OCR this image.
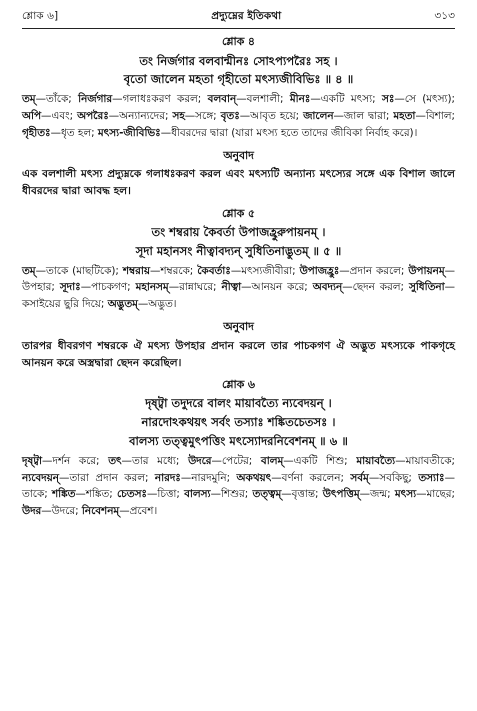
শ্লোক ৬]	প্রদ্যুম্নের ইতিকথা	৩১৩
শ্লোক ৪
তং নির্জগার বলবান্মীনঃ সোঽপ্যপরৈঃ সহ ।
বৃতো জালেন মহতা গৃহীতো মৎস্যজীবিভিঃ ॥ ৪ ॥

তম্—তাঁকে; নির্জগার—গলাধঃকরণ করল; বলবান্—বলশালী; মীনঃ—একটি মৎস্য; সঃ—সে (মৎস্য); অপি—এবং; অপরৈঃ—অন্যান্যদের; সহ—সঙ্গে; বৃতঃ—আবৃত হয়ে; জালেন—জাল দ্বারা; মহতা—বিশাল; গৃহীতঃ—ধৃত হল; মৎস্য-জীবিভিঃ—ধীবরদের দ্বারা (যারা মৎস্য হতে তাদের জীবিকা নির্বাহ করে)।

অনুবাদ

এক বলশালী মৎস্য প্রদ্যুম্নকে গলাধঃকরণ করল এবং মৎস্যটি অন্যান্য মৎস্যের সঙ্গে এক বিশাল জালে ধীবরদের দ্বারা আবদ্ধ হল।

শ্লোক ৫
তং শম্বরায় কৈবর্তা উপাজহ্রুরুপায়নম্ ।
সূদা মহানসং নীত্বাবদ্যন্ সুধিতিনাদ্ভুতম্ ॥ ৫ ॥

তম্—তাকে (মাছটিকে); শম্বরায়—শম্বরকে; কৈবর্তাঃ—মৎস্যজীবীরা; উপাজহ্রুঃ—প্রদান করলে; উপায়নম্—উপহার; সূদাঃ—পাচকগণ; মহানসম্—রান্নাঘরে; নীত্বা—আনয়ন করে; অবদ্যন্—ছেদন করল; সুধিতিনা—কসাইয়ের ছুরি দিয়ে; অদ্ভুতম্—অদ্ভুত।

অনুবাদ

তারপর ধীবরগণ শম্বরকে ঐ মৎস্য উপহার প্রদান করলে তার পাচকগণ ঐ অদ্ভুত মৎস্যকে পাকগৃহে আনয়ন করে অস্ত্রদ্বারা ছেদন করেছিল।

শ্লোক ৬
দৃষ্ট্বা তদুদরে বালং মায়াবত্যৈ ন্যবেদয়ন্ ।
নারদোঽকথয়ৎ সর্বং তস্যাঃ শঙ্কিতচেতসঃ ।
বালস্য তত্ত্বমুৎপত্তিং মৎস্যোদরনিবেশনম্ ॥ ৬ ॥

দৃষ্ট্বা—দর্শন করে; তৎ—তার মধ্যে; উদরে—পেটের; বালম্—একটি শিশু; মায়াবত্যৈ—মায়াবতীকে; ন্যবেদয়ন্—তারা প্রদান করল; নারদঃ—নারদমুনি; অকথয়ৎ—বর্ণনা করলেন; সর্বম্—সবকিছু; তস্যাঃ—তাকে; শঙ্কিত—শঙ্কিত; চেতসঃ—চিত্তা; বালস্য—শিশুর; তত্ত্বম্—বৃত্তান্ত; উৎপত্তিম্—জন্ম; মৎস্য—মাছের; উদর—উদরে; নিবেশনম্—প্রবেশ।
